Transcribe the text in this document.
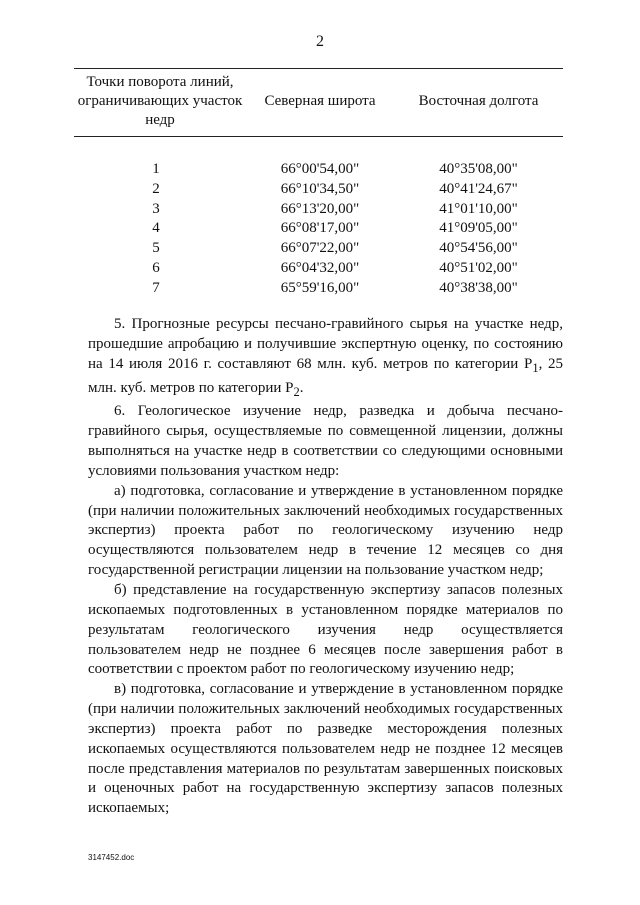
2
Точки поворота линий, ограничивающих участок недр	Северная широта	Восточная долгота

1	66°00'54,00"	40°35'08,00"
2	66°10'34,50"	40°41'24,67"
3	66°13'20,00"	41°01'10,00"
4	66°08'17,00"	41°09'05,00"
5	66°07'22,00"	40°54'56,00"
6	66°04'32,00"	40°51'02,00"
7	65°59'16,00"	40°38'38,00"

5. Прогнозные ресурсы песчано-гравийного сырья на участке недр, прошедшие апробацию и получившие экспертную оценку, по состоянию на 14 июля 2016 г. составляют 68 млн. куб. метров по категории $P_1$, 25 млн. куб. метров по категории $P_2$.

6. Геологическое изучение недр, разведка и добыча песчано-гравийного сырья, осуществляемые по совмещенной лицензии, должны выполняться на участке недр в соответствии со следующими основными условиями пользования участком недр:

а) подготовка, согласование и утверждение в установленном порядке (при наличии положительных заключений необходимых государственных экспертиз) проекта работ по геологическому изучению недр осуществляются пользователем недр в течение 12 месяцев со дня государственной регистрации лицензии на пользование участком недр;

б) представление на государственную экспертизу запасов полезных ископаемых подготовленных в установленном порядке материалов по результатам геологического изучения недр осуществляется пользователем недр не позднее 6 месяцев после завершения работ в соответствии с проектом работ по геологическому изучению недр;

в) подготовка, согласование и утверждение в установленном порядке (при наличии положительных заключений необходимых государственных экспертиз) проекта работ по разведке месторождения полезных ископаемых осуществляются пользователем недр не позднее 12 месяцев после представления материалов по результатам завершенных поисковых и оценочных работ на государственную экспертизу запасов полезных ископаемых;

3147452.doc
